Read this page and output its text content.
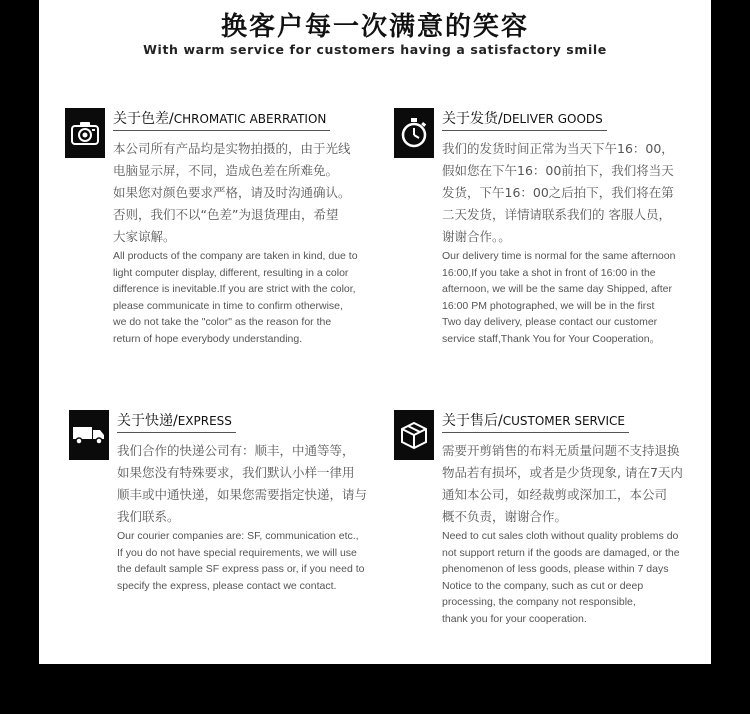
换客户每一次满意的笑容
With warm service for customers having a satisfactory smile
关于色差/CHROMATIC ABERRATION

本公司所有产品均是实物拍摄的，由于光线
电脑显示屏，不同，造成色差在所难免。
如果您对颜色要求严格，请及时沟通确认。
否则，我们不以“色差”为退货理由，希望
大家谅解。

All products of the company are taken in kind, due to
light computer display, different, resulting in a color
difference is inevitable.If you are strict with the color,
please communicate in time to confirm otherwise,
we do not take the "color" as the reason for the
return of hope everybody understanding.

关于发货/DELIVER GOODS

我们的发货时间正常为当天下午16：00，
假如您在下午16：00前拍下，我们将当天
发货，下午16：00之后拍下，我们将在第
二天发货，详情请联系我们的 客服人员，
谢谢合作。。

Our delivery time is normal for the same afternoon
16:00,If you take a shot in front of 16:00 in the
afternoon, we will be the same day Shipped, after
16:00 PM photographed, we will be in the first
Two day delivery, please contact our customer
service staff,Thank You for Your Cooperation。

关于快递/EXPRESS

我们合作的快递公司有：顺丰，中通等等，
如果您没有特殊要求，我们默认小样一律用
顺丰或中通快递，如果您需要指定快递，请与
我们联系。

Our courier companies are: SF, communication etc.,
If you do not have special requirements, we will use
the default sample SF express pass or, if you need to
specify the express, please contact we contact.

关于售后/CUSTOMER SERVICE

需要开剪销售的布料无质量问题不支持退换
物品若有损坏，或者是少货现象, 请在7天内
通知本公司，如经裁剪或深加工，本公司
概不负责，谢谢合作。

Need to cut sales cloth without quality problems do
not support return if the goods are damaged, or the
phenomenon of less goods, please within 7 days
Notice to the company, such as cut or deep
processing, the company not responsible,
thank you for your cooperation.
